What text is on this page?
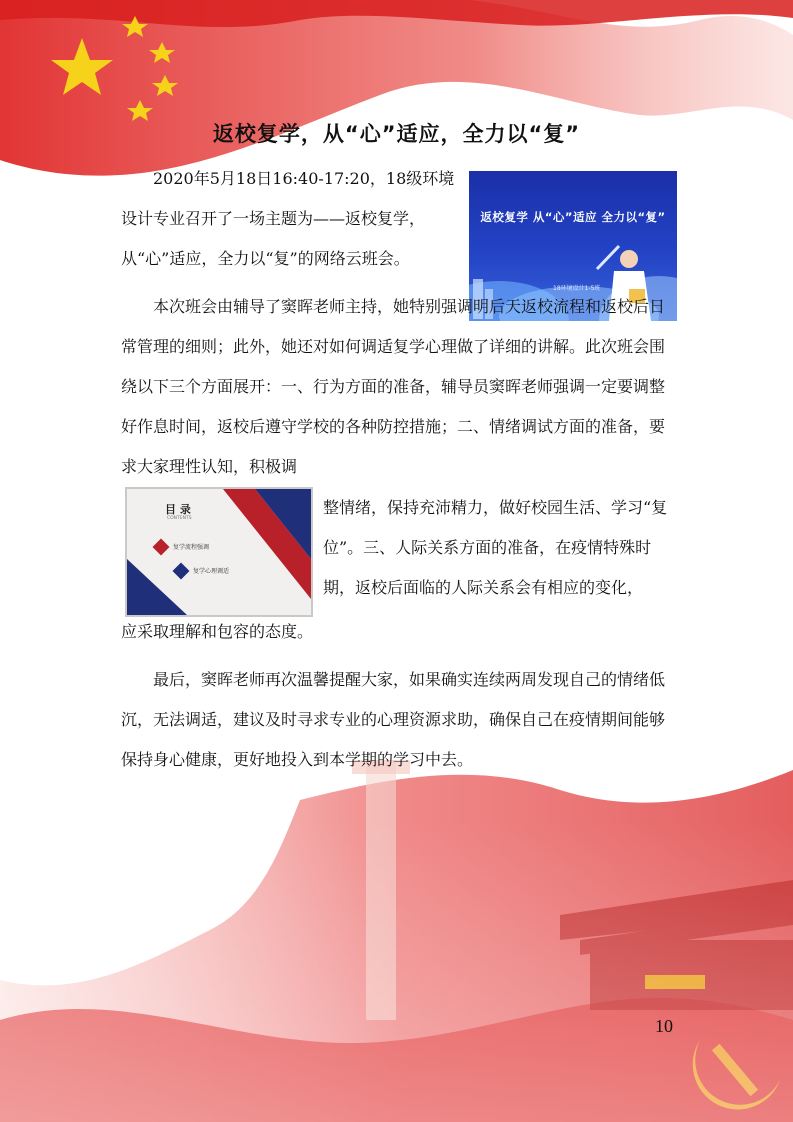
返校复学，从“心”适应，全力以“复”

2020年5月18日16:40-17:20，18级环境设计专业召开了一场主题为——返校复学，从“心”适应，全力以“复”的网络云班会。

返校复学 从“心”适应 全力以“复”
18环境设计1-5班

本次班会由辅导了窦晖老师主持，她特别强调明后天返校流程和返校后日常管理的细则；此外，她还对如何调适复学心理做了详细的讲解。此次班会围绕以下三个方面展开：一、行为方面的准备，辅导员窦晖老师强调一定要调整好作息时间，返校后遵守学校的各种防控措施；二、情绪调试方面的准备，要求大家理性认知，积极调

目 录
CONTENTS
复学流程强调
复学心理调适

整情绪，保持充沛精力，做好校园生活、学习“复位”。三、人际关系方面的准备，在疫情特殊时期，返校后面临的人际关系会有相应的变化，

应采取理解和包容的态度。

最后，窦晖老师再次温馨提醒大家，如果确实连续两周发现自己的情绪低沉，无法调适，建议及时寻求专业的心理资源求助，确保自己在疫情期间能够保持身心健康，更好地投入到本学期的学习中去。

10
